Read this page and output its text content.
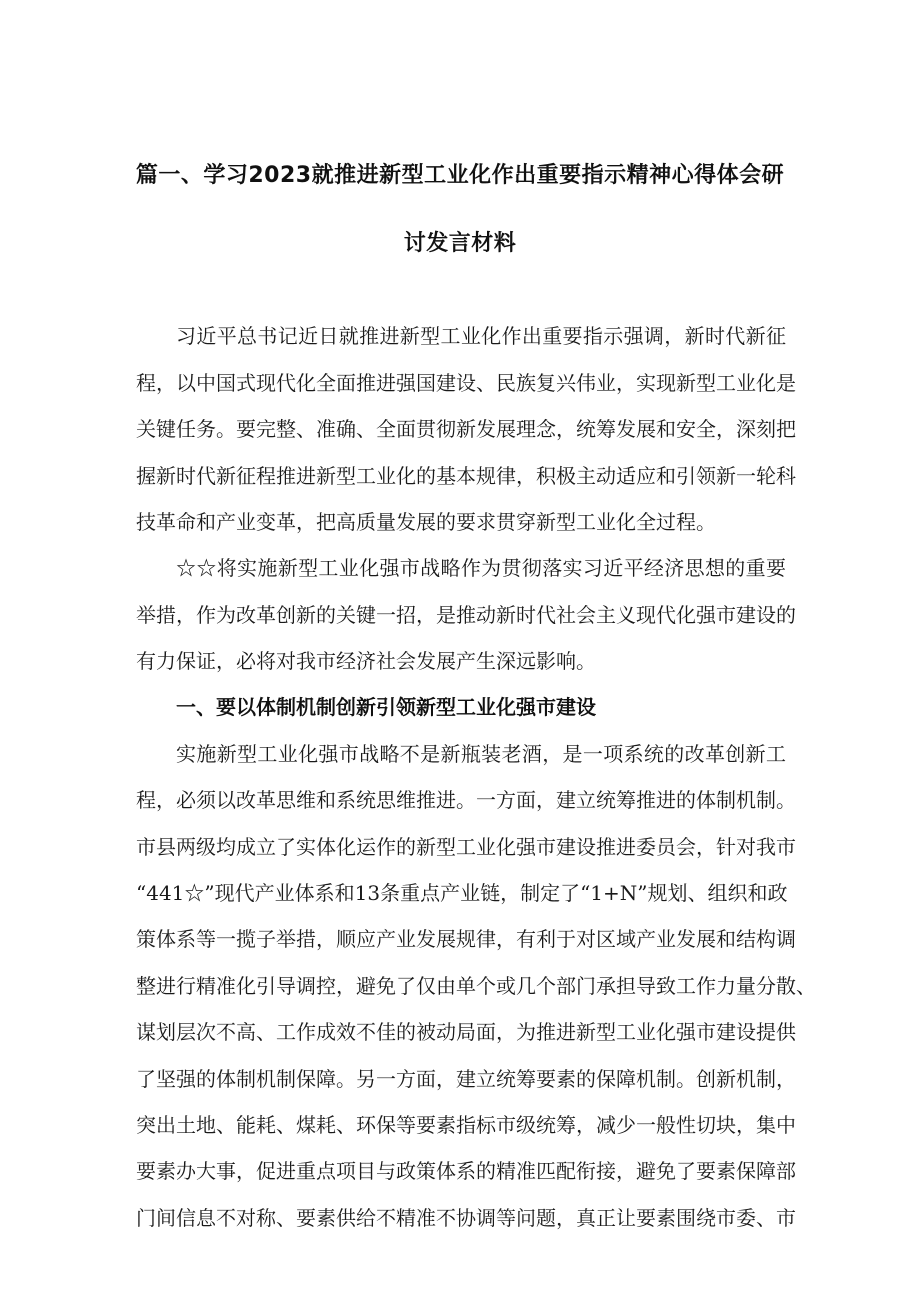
篇一、学习2023就推进新型工业化作出重要指示精神心得体会研
讨发言材料
习近平总书记近日就推进新型工业化作出重要指示强调，新时代新征
程，以中国式现代化全面推进强国建设、民族复兴伟业，实现新型工业化是
关键任务。要完整、准确、全面贯彻新发展理念，统筹发展和安全，深刻把
握新时代新征程推进新型工业化的基本规律，积极主动适应和引领新一轮科
技革命和产业变革，把高质量发展的要求贯穿新型工业化全过程。
☆☆将实施新型工业化强市战略作为贯彻落实习近平经济思想的重要
举措，作为改革创新的关键一招，是推动新时代社会主义现代化强市建设的
有力保证，必将对我市经济社会发展产生深远影响。
一、要以体制机制创新引领新型工业化强市建设
实施新型工业化强市战略不是新瓶装老酒，是一项系统的改革创新工
程，必须以改革思维和系统思维推进。一方面，建立统筹推进的体制机制。
市县两级均成立了实体化运作的新型工业化强市建设推进委员会，针对我市
“441☆”现代产业体系和13条重点产业链，制定了“1+N”规划、组织和政
策体系等一揽子举措，顺应产业发展规律，有利于对区域产业发展和结构调
整进行精准化引导调控，避免了仅由单个或几个部门承担导致工作力量分散、
谋划层次不高、工作成效不佳的被动局面，为推进新型工业化强市建设提供
了坚强的体制机制保障。另一方面，建立统筹要素的保障机制。创新机制，
突出土地、能耗、煤耗、环保等要素指标市级统筹，减少一般性切块，集中
要素办大事，促进重点项目与政策体系的精准匹配衔接，避免了要素保障部
门间信息不对称、要素供给不精准不协调等问题，真正让要素围绕市委、市
